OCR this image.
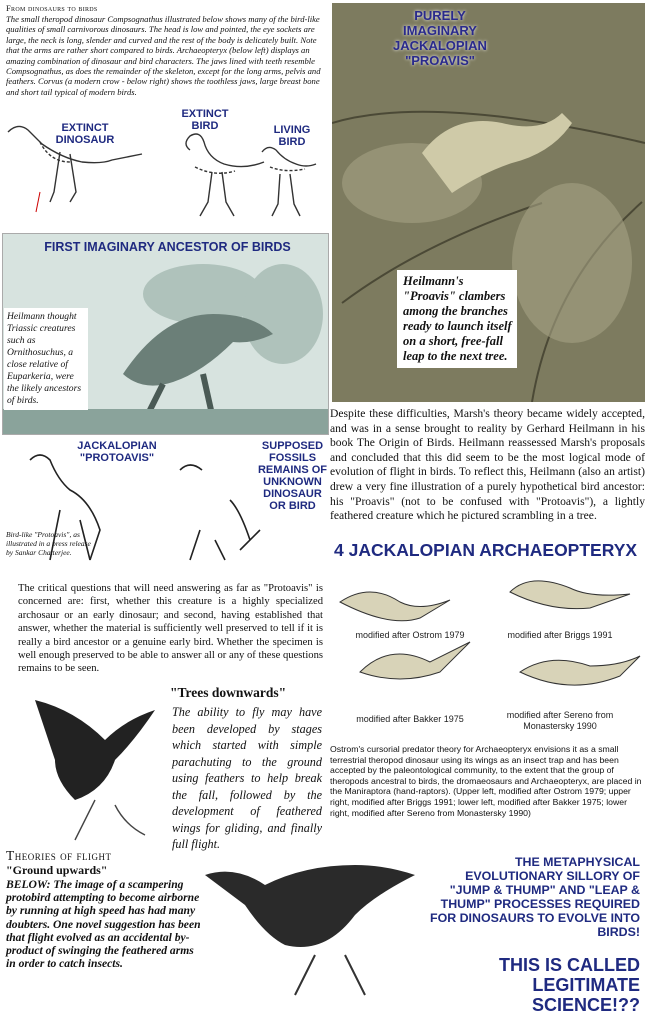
From dinosaurs to birds
The small theropod dinosaur Compsognathus illustrated below shows many of the bird-like qualities of small carnivorous dinosaurs. The head is low and pointed, the eye sockets are large, the neck is long, slender and curved and the rest of the body is delicately built. Note that the arms are rather short compared to birds. Archaeopteryx (below left) displays an amazing combination of dinosaur and bird characters. The jaws lined with teeth resemble Compsognathus, as does the remainder of the skeleton, except for the long arms, pelvis and feathers. Corvus (a modern crow - below right) shows the toothless jaws, large breast bone and short tail typical of modern birds.
EXTINCT DINOSAUR
EXTINCT BIRD	LIVING BIRD
FIRST IMAGINARY ANCESTOR OF BIRDS
Heilmann thought Triassic creatures such as Ornithosuchus, a close relative of Euparkeria, were the likely ancestors of birds.
PURELY IMAGINARY JACKALOPIAN "PROAVIS"
Heilmann's "Proavis" clambers among the branches ready to launch itself on a short, free-fall leap to the next tree.
JACKALOPIAN "PROTOAVIS"
SUPPOSED FOSSILS REMAINS OF UNKNOWN DINOSAUR OR BIRD
Bird-like "Protoavis", as illustrated in a press release by Sankar Chatterjee.
The critical questions that will need answering as far as "Protoavis" is concerned are: first, whether this creature is a highly specialized archosaur or an early dinosaur; and second, having established that answer, whether the material is sufficiently well preserved to tell if it is really a bird ancestor or a genuine early bird. Whether the specimen is well enough preserved to be able to answer all or any of these questions remains to be seen.
Despite these difficulties, Marsh's theory became widely accepted, and was in a sense brought to reality by Gerhard Heilmann in his book The Origin of Birds. Heilmann reassessed Marsh's proposals and concluded that this did seem to be the most logical mode of evolution of flight in birds. To reflect this, Heilmann (also an artist) drew a very fine illustration of a purely hypothetical bird ancestor: his "Proavis" (not to be confused with "Protoavis"), a lightly feathered creature which he pictured scrambling in a tree.
4 JACKALOPIAN ARCHAEOPTERYX
modified after Ostrom 1979	modified after Briggs 1991
modified after Bakker 1975	modified after Sereno from Monastersky 1990
Ostrom's cursorial predator theory for Archaeopteryx envisions it as a small terrestrial theropod dinosaur using its wings as an insect trap and has been accepted by the paleontological community, to the extent that the group of theropods ancestral to birds, the dromaeosaurs and Archaeopteryx, are placed in the Maniraptora (hand-raptors). (Upper left, modified after Ostrom 1979; upper right, modified after Briggs 1991; lower left, modified after Bakker 1975; lower right, modified after Sereno from Monastersky 1990)
"Trees downwards"
The ability to fly may have been developed by stages which started with simple parachuting to the ground using feathers to help break the fall, followed by the development of feathered wings for gliding, and finally full flight.
Theories of flight
"Ground upwards"
BELOW: The image of a scampering protobird attempting to become airborne by running at high speed has had many doubters. One novel suggestion has been that flight evolved as an accidental by-product of swinging the feathered arms in order to catch insects.
THE METAPHYSICAL EVOLUTIONARY SILLORY OF "JUMP & THUMP" AND "LEAP & THUMP" PROCESSES REQUIRED FOR DINOSAURS TO EVOLVE INTO BIRDS!
THIS IS CALLED LEGITIMATE SCIENCE!??
